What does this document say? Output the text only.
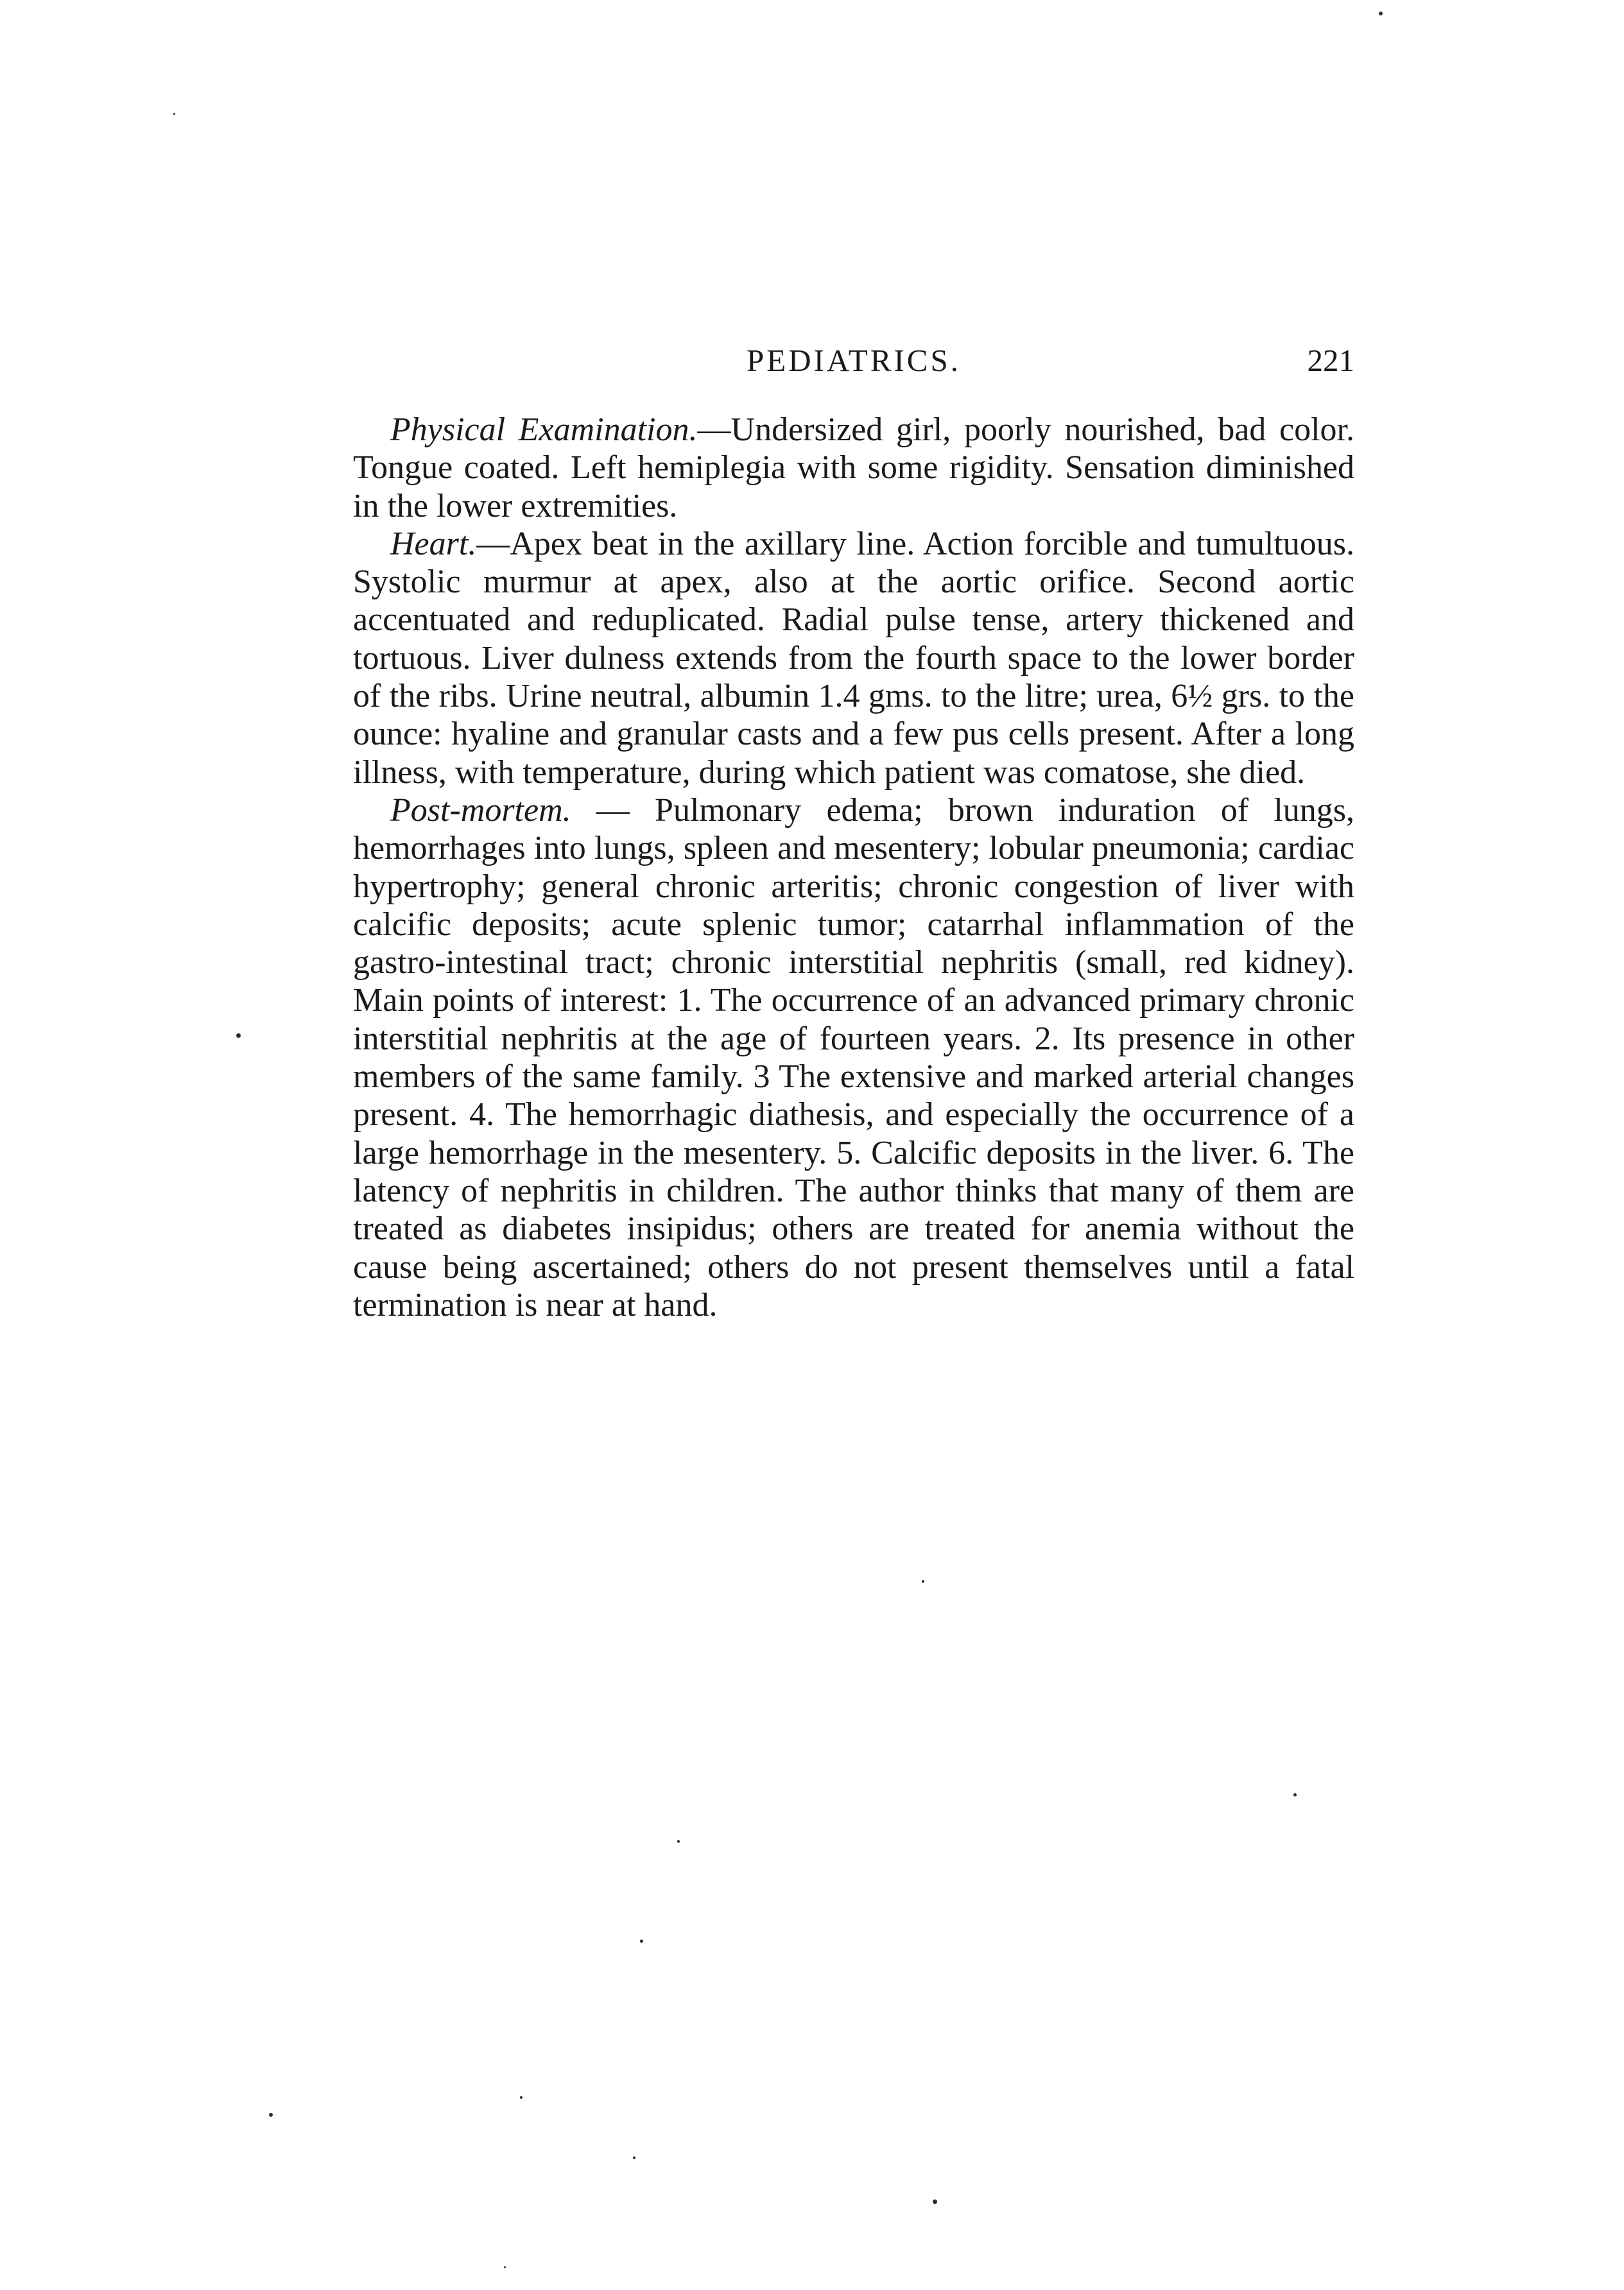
PEDIATRICS.	221

Physical Examination.—Undersized girl, poorly nourished, bad color. Tongue coated. Left hemiplegia with some rigidity. Sensation diminished in the lower extremities.

Heart.—Apex beat in the axillary line. Action forcible and tumultuous. Systolic murmur at apex, also at the aortic orifice. Second aortic accentuated and reduplicated. Radial pulse tense, artery thickened and tortuous. Liver dulness extends from the fourth space to the lower border of the ribs. Urine neutral, albumin 1.4 gms. to the litre; urea, 6½ grs. to the ounce: hyaline and granular casts and a few pus cells present. After a long illness, with temperature, during which patient was comatose, she died.

Post-mortem. — Pulmonary edema; brown induration of lungs, hemorrhages into lungs, spleen and mesentery; lobular pneumonia; cardiac hypertrophy; general chronic arteritis; chronic congestion of liver with calcific deposits; acute splenic tumor; catarrhal inflammation of the gastro-intestinal tract; chronic interstitial nephritis (small, red kidney). Main points of interest: 1. The occurrence of an advanced primary chronic interstitial nephritis at the age of fourteen years. 2. Its presence in other members of the same family. 3 The extensive and marked arterial changes present. 4. The hemorrhagic diathesis, and especially the occurrence of a large hemorrhage in the mesentery. 5. Calcific deposits in the liver. 6. The latency of nephritis in children. The author thinks that many of them are treated as diabetes insipidus; others are treated for anemia without the cause being ascertained; others do not present themselves until a fatal termination is near at hand.
